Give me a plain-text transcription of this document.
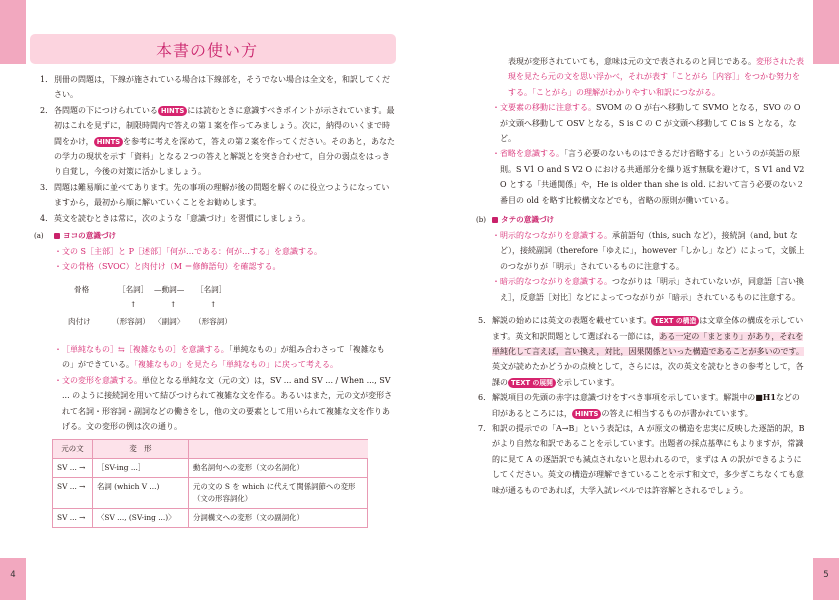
4	5
本書の使い方
1． 別冊の問題は，下線が施されている場合は下線部を，そうでない場合は全文を，和訳してください。
2． 各問題の下につけられている HINTS には読むときに意識すべきポイントが示されています。最初はこれを見ずに，制限時間内で答えの第１案を作ってみましょう。次に，納得のいくまで時間をかけ， HINTS を参考に考えを深めて，答えの第２案を作ってください。そのあと，あなたの学力の現状を示す「資料」となる２つの答えと解説とを突き合わせて，自分の弱点をはっきり自覚し，今後の対策に活かしましょう。
3． 問題は難易順に並べてあります。先の事項の理解が後の問題を解くのに役立つようになっていますから，最初から順に解いていくことをお勧めします。
4． 英文を読むときは常に，次のような「意識づけ」を習慣にしましょう。
(a)	ヨコの意識づけ
・ 文の S［主部］と P［述部］「何が…である：何が…する」を意識する。
・ 文の骨格（SVOC）と肉付け（M ＝修飾語句）を確認する。
骨格	［名詞］ —動詞— ［名詞］
↑	↑	↑
肉付け	（形容詞） 〈副詞〉 （形容詞）
・ ［単純なもの］⇆［複雑なもの］を意識する。「単純なもの」が組み合わさって「複雑なもの」ができている。「複雑なもの」を見たら「単純なもの」に戻って考える。
・ 文の変形を意識する。単位となる単純な文（元の文）は，SV ... and SV ... / When ..., SV ... のように接続詞を用いて結びつけられて複雑な文を作る。あるいはまた，元の文が変形されて名詞・形容詞・副詞などの働きをし，他の文の要素として用いられて複雑な文を作りあげる。文の変形の例は次の通り。
元の文	変　形	
SV ... →	［SV-ing ...］	動名詞句への変形（文の名詞化）
SV ... →	名詞 (which V ...)	元の文の S を which に代えて関係詞節への変形（文の形容詞化）
SV ... →	〈SV ..., (SV-ing ...)〉	分詞構文への変形（文の副詞化）
表現が変形されていても，意味は元の文で表されるのと同じである。変形された表現を見たら元の文を思い浮かべ，それが表す「ことがら［内容］」をつかむ努力をする。「ことがら」の理解がわかりやすい和訳につながる。
・ 文要素の移動に注意する。SVOM の O が右へ移動して SVMO となる，SVO の O が文頭へ移動して OSV となる，S is C の C が文頭へ移動して C is S となる，など。
・ 省略を意識する。「言う必要のないものはできるだけ省略する」というのが英語の原則。S V1 O and S V2 O における共通部分を繰り返す無駄を避けて，S V1 and V2 O とする「共通関係」や，He is older than she is old. において言う必要のない２番目の old を略す比較構文などでも，省略の原則が働いている。
(b)	タテの意識づけ
・ 明示的なつながりを意識する。承前語句（this, such など），接続詞（and, but など），接続副詞（therefore「ゆえに」，however「しかし」など）によって，文脈上のつながりが「明示」されているものに注意する。
・ 暗示的なつながりを意識する。つながりは「明示」されていないが，同意語［言い換え］，反意語［対比］などによってつながりが「暗示」されているものに注意する。
5． 解説の始めには英文の表題を載せています。 TEXT の構造 は文章全体の構成を示しています。英文和訳問題として選ばれる一節には，ある一定の「まとまり」があり，それを単純化して言えば，言い換え，対比，因果関係といった構造であることが多いのです。英文が読めたかどうかの点検として，さらには，次の英文を読むときの参考として，各課の TEXT の展開 を示しています。
6． 解説項目の先頭の赤字は意識づけをすべき事項を示しています。解説中の■H1などの印があるところには， HINTS の答えに相当するものが書かれています。
7． 和訳の提示での「A→B」という表記は，A が原文の構造を忠実に反映した逐語的訳，B がより自然な和訳であることを示しています。出題者の採点基準にもよりますが，常識的に見て A の逐語訳でも減点されないと思われるので，まずは A の訳ができるようにしてください。英文の構造が理解できていることを示す和文で，多少ぎこちなくても意味が通るものであれば，大学入試レベルでは許容解とされるでしょう。
